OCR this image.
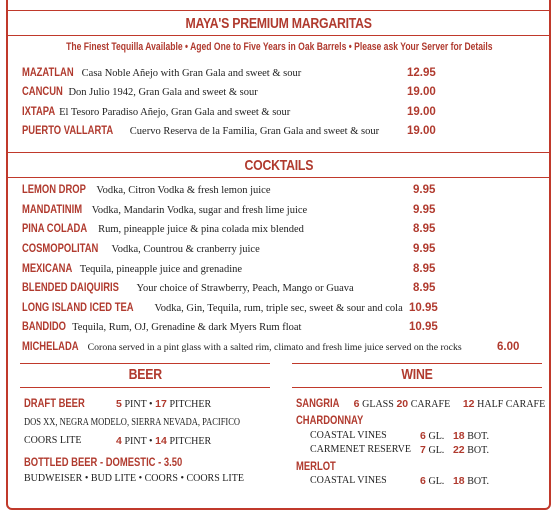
MAYA'S PREMIUM MARGARITAS
The Finest Tequilla Available • Aged One to Five Years in Oak Barrels • Please ask Your Server for Details
MAZATLAN Casa Noble Añejo with Gran Gala and sweet & sour	12.95
CANCUN Don Julio 1942, Gran Gala and sweet & sour	19.00
IXTAPA El Tesoro Paradiso Añejo, Gran Gala and sweet & sour	19.00
PUERTO VALLARTA Cuervo Reserva de la Familia, Gran Gala and sweet & sour 19.00
COCKTAILS
LEMON DROP Vodka, Citron Vodka & fresh lemon juice	9.95
MANDATINIM Vodka, Mandarin Vodka, sugar and fresh lime juice	9.95
PINA COLADA Rum, pineapple juice & pina colada mix blended	8.95
COSMOPOLITAN Vodka, Countrou & cranberry juice	9.95
MEXICANA Tequila, pineapple juice and grenadine	8.95
BLENDED DAIQUIRIS Your choice of Strawberry, Peach, Mango or Guava	8.95
LONG ISLAND ICED TEA Vodka, Gin, Tequila, rum, triple sec, sweet & sour and cola 10.95
BANDIDO Tequila, Rum, OJ, Grenadine & dark Myers Rum float	10.95
MICHELADA Corona served in a pint glass with a salted rim, climato and fresh lime juice served on the rocks	6.00
BEER	WINE
DRAFT BEER	5 PINT • 17 PITCHER
DOS XX, NEGRA MODELO, SIERRA NEVADA, PACIFICO
COORS LITE	4 PINT • 14 PITCHER
BOTTLED BEER - DOMESTIC - 3.50
BUDWEISER • BUD LITE • COORS • COORS LITE
SANGRIA 6 GLASS 20 CARAFE 12 HALF CARAFE
CHARDONNAY
COASTAL VINES	6 GL. 18 BOT.
CARMENET RESERVE 7 GL. 22 BOT.
MERLOT
COASTAL VINES	6 GL. 18 BOT.
